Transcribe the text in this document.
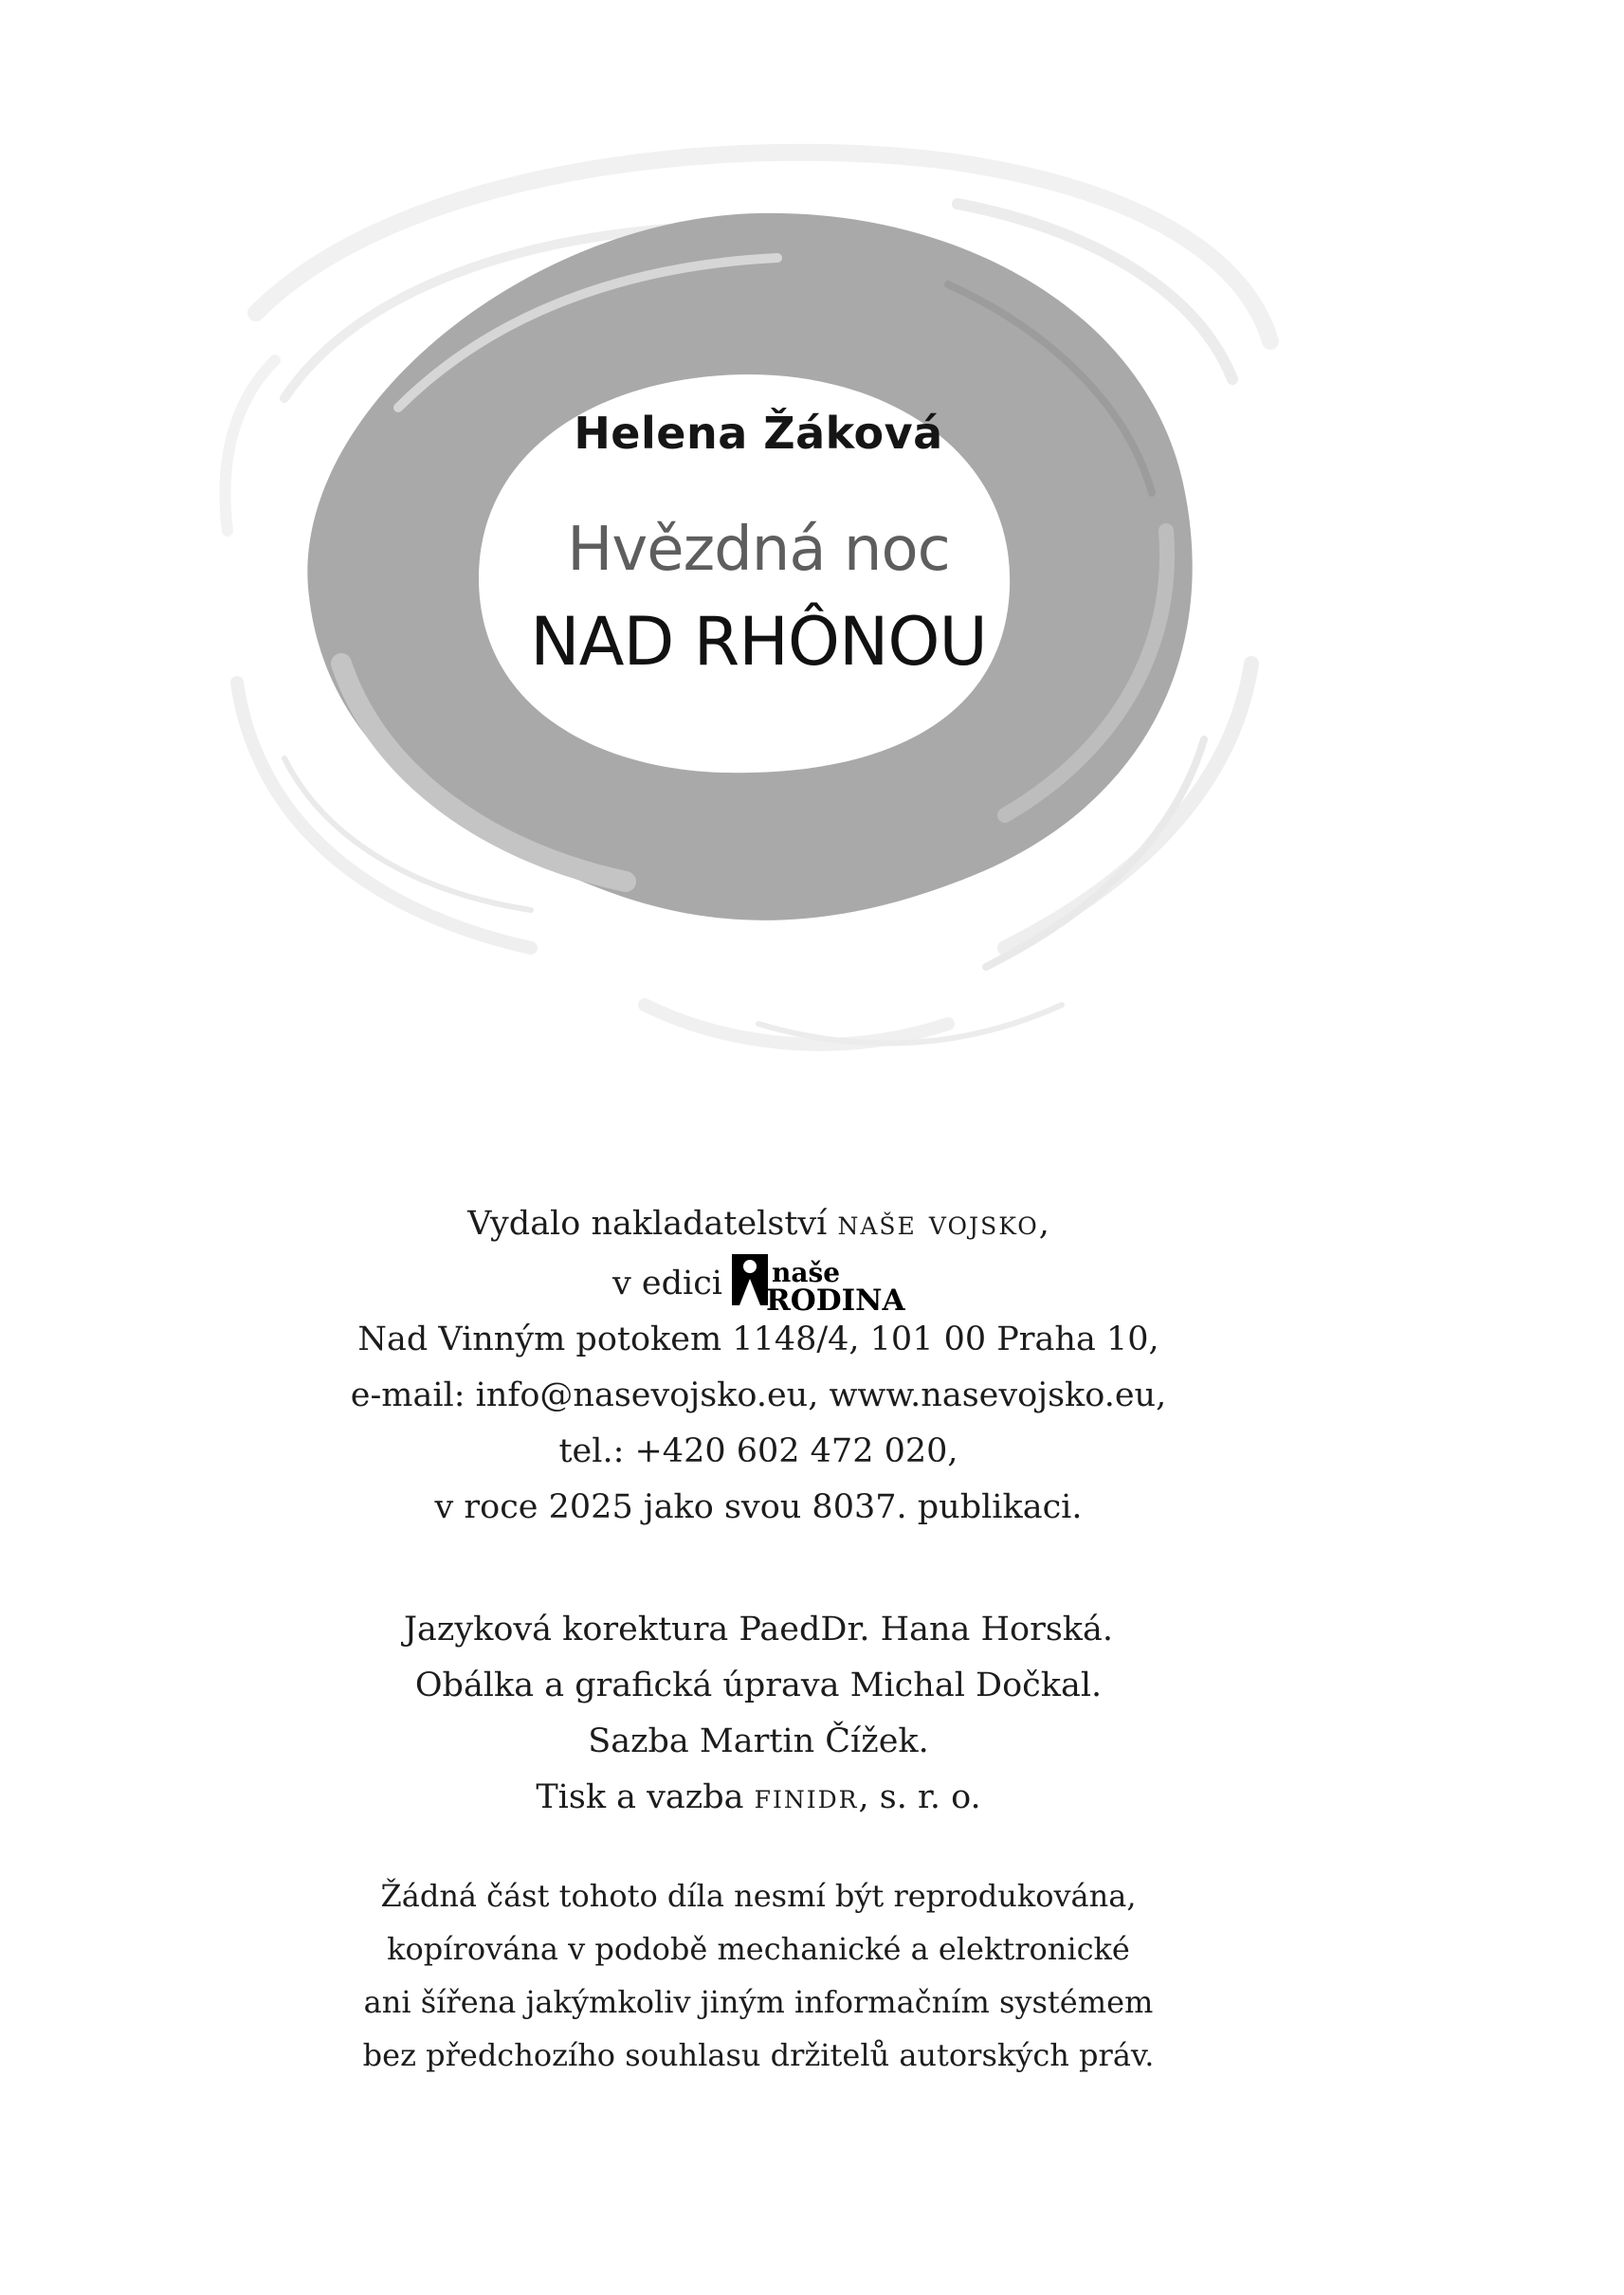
Helena Žáková
Hvězdná noc
NAD RHÔNOU
Vydalo nakladatelství naše vojsko,
v edici naše
RODINA
Nad Vinným potokem 1148/4, 101 00 Praha 10,
e-mail: info@nasevojsko.eu, www.nasevojsko.eu,
tel.: +420 602 472 020,
v roce 2025 jako svou 8037. publikaci.
Jazyková korektura PaedDr. Hana Horská.
Obálka a grafická úprava Michal Dočkal.
Sazba Martin Čížek.
Tisk a vazba finidr, s. r. o.
Žádná část tohoto díla nesmí být reprodukována,
kopírována v podobě mechanické a elektronické
ani šířena jakýmkoliv jiným informačním systémem
bez předchozího souhlasu držitelů autorských práv.
